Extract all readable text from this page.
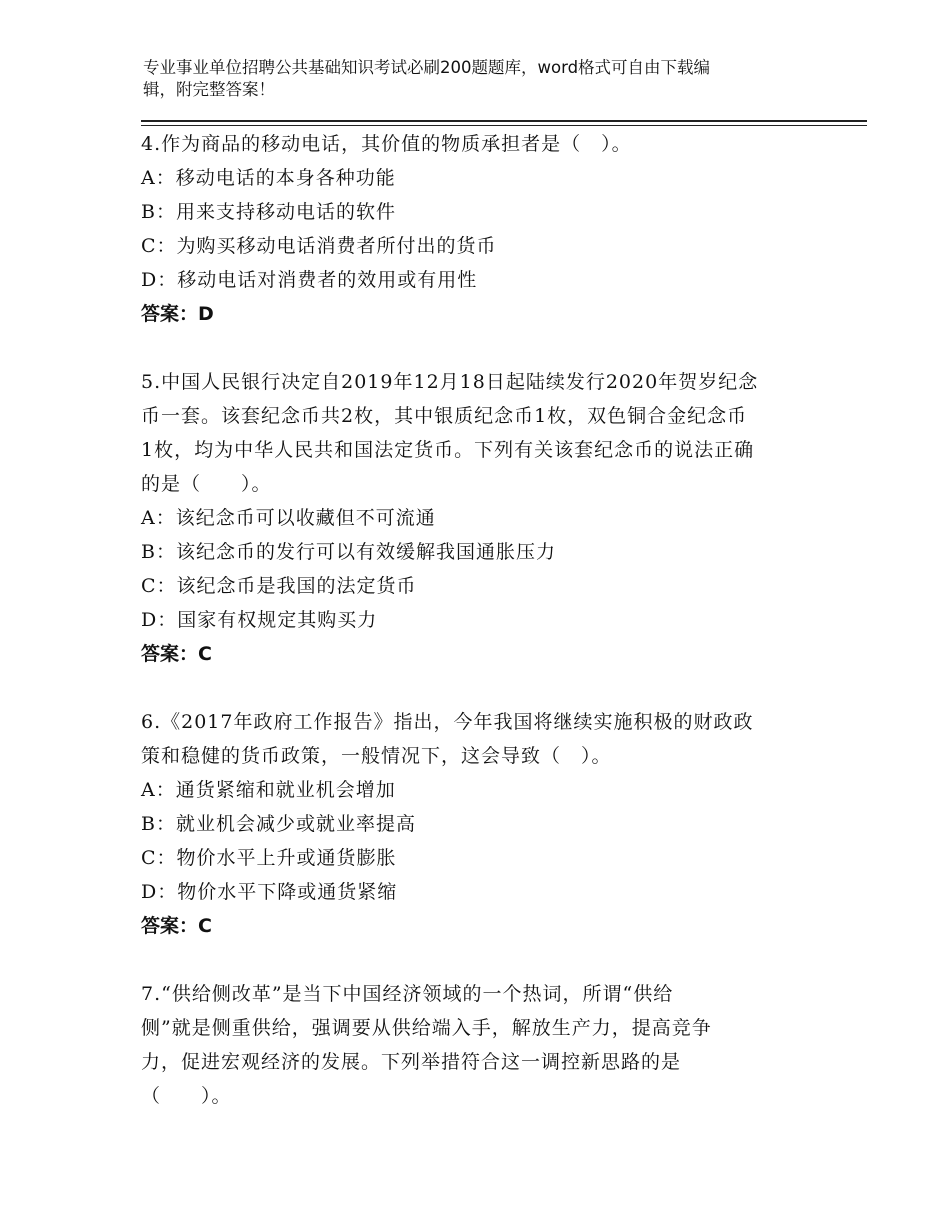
专业事业单位招聘公共基础知识考试必刷200题题库，word格式可自由下载编
辑，附完整答案！

4.作为商品的移动电话，其价值的物质承担者是（　）。

A：移动电话的本身各种功能

B：用来支持移动电话的软件

C：为购买移动电话消费者所付出的货币

D：移动电话对消费者的效用或有用性

答案：D

5.中国人民银行决定自2019年12月18日起陆续发行2020年贺岁纪念

币一套。该套纪念币共2枚，其中银质纪念币1枚，双色铜合金纪念币

1枚，均为中华人民共和国法定货币。下列有关该套纪念币的说法正确

的是（　　）。

A：该纪念币可以收藏但不可流通

B：该纪念币的发行可以有效缓解我国通胀压力

C：该纪念币是我国的法定货币

D：国家有权规定其购买力

答案：C

6.《2017年政府工作报告》指出，今年我国将继续实施积极的财政政

策和稳健的货币政策，一般情况下，这会导致（　）。

A：通货紧缩和就业机会增加

B：就业机会减少或就业率提高

C：物价水平上升或通货膨胀

D：物价水平下降或通货紧缩

答案：C

7.“供给侧改革”是当下中国经济领域的一个热词，所谓“供给

侧”就是侧重供给，强调要从供给端入手，解放生产力，提高竞争

力，促进宏观经济的发展。下列举措符合这一调控新思路的是

（　　）。
